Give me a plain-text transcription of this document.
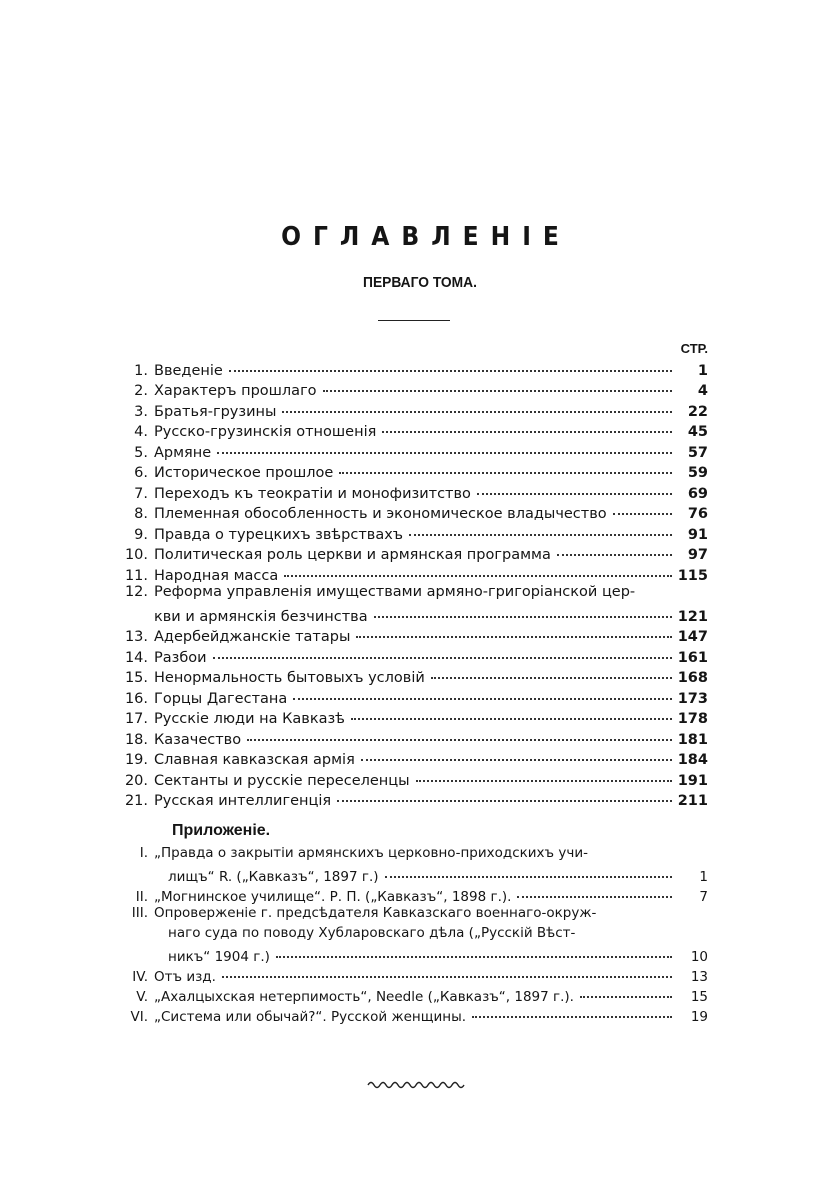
ОГЛАВЛЕНІЕ
ПЕРВАГО ТОМА.
СТР.
1. Введеніе	1
2. Характеръ прошлаго	4
3. Братья-грузины	22
4. Русско-грузинскія отношенія	45
5. Армяне	57
6. Историческое прошлое	59
7. Переходъ къ теократіи и монофизитство	69
8. Племенная обособленность и экономическое владычество	76
9. Правда о турецкихъ звѣрствахъ	91
10. Политическая роль церкви и армянская программа	97
11. Народная масса	115
12. Реформа управленія имуществами армяно-григоріанской цер-
кви и армянскія безчинства	121
13. Адербейджанскіе татары	147
14. Разбои	161
15. Ненормальность бытовыхъ условій	168
16. Горцы Дагестана	173
17. Русскіе люди на Кавказѣ	178
18. Казачество	181
19. Славная кавказская армія	184
20. Сектанты и русскіе переселенцы	191
21. Русская интеллигенція	211
Приложеніе.
I. „Правда о закрытіи армянскихъ церковно-приходскихъ учи-
лищъ“ R. („Кавказъ“, 1897 г.)	1
II. „Могнинское училище“. Р. П. („Кавказъ“, 1898 г.).	7
III. Опроверженіе г. предсѣдателя Кавказскаго военнаго-окруж-
наго суда по поводу Хубларовскаго дѣла („Русскій Вѣст-
никъ“ 1904 г.)	10
IV. Отъ изд.	13
V. „Ахалцыхская нетерпимость“, Needle („Кавказъ“, 1897 г.).	15
VI. „Система или обычай?“. Русской женщины.	19
